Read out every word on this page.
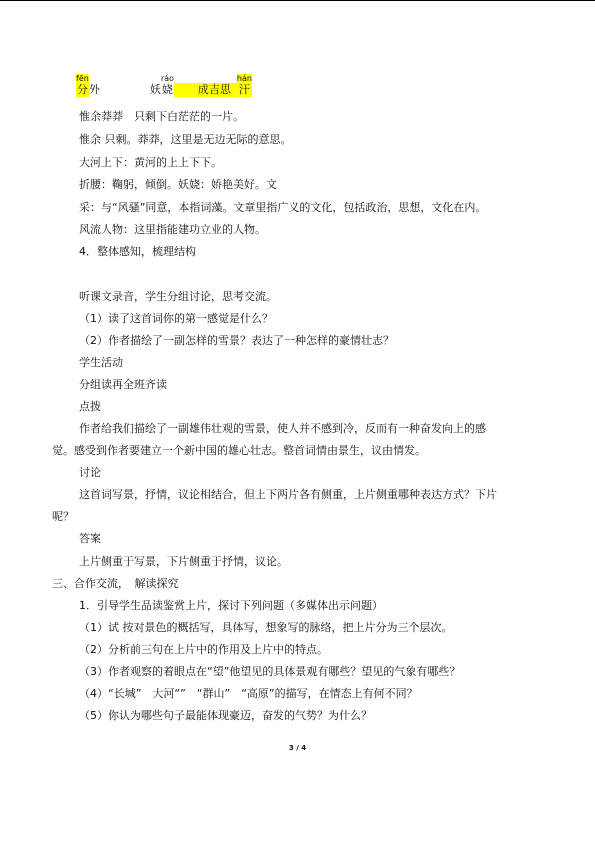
fēn
分 外	妖
ráo
娆 成吉思
hán
汗
惟余莽莽　只剩下白茫茫的一片。
惟余 只剩。莽莽，这里是无边无际的意思。
大河上下：黄河的上上下下。
折腰：鞠躬，倾倒。妖娆：娇艳美好。文
采：与“风骚”同意，本指词藻。文章里指广义的文化，包括政治，思想，文化在内。
风流人物：这里指能建功立业的人物。
4．整体感知，梳理结构
听课文录音，学生分组讨论，思考交流。
（1）读了这首词你的第一感觉是什么？
（2）作者描绘了一副怎样的雪景？表达了一种怎样的豪情壮志？
学生活动
分组读再全班齐读
点拨
作者给我们描绘了一副雄伟壮观的雪景，使人并不感到冷，反而有一种奋发向上的感
觉。感受到作者要建立一个新中国的雄心壮志。整首词情由景生，议由情发。
讨论
这首词写景，抒情，议论相结合，但上下两片各有侧重，上片侧重哪种表达方式？下片
呢？
答案
上片侧重于写景，下片侧重于抒情，议论。
三、合作交流，　解读探究
1．引导学生品读鉴赏上片，探讨下列问题（多媒体出示问题）
（1）试 按对景色的概括写，具体写，想象写的脉络，把上片分为三个层次。
（2）分析前三句在上片中的作用及上片中的特点。
（3）作者观察的着眼点在“望”他望见的具体景观有哪些？望见的气象有哪些？
（4）“长城”　大河“”　“群山”　“高原”的描写，在情态上有何不同？
（5）你认为哪些句子最能体现豪迈，奋发的气势？为什么？
3 / 4
